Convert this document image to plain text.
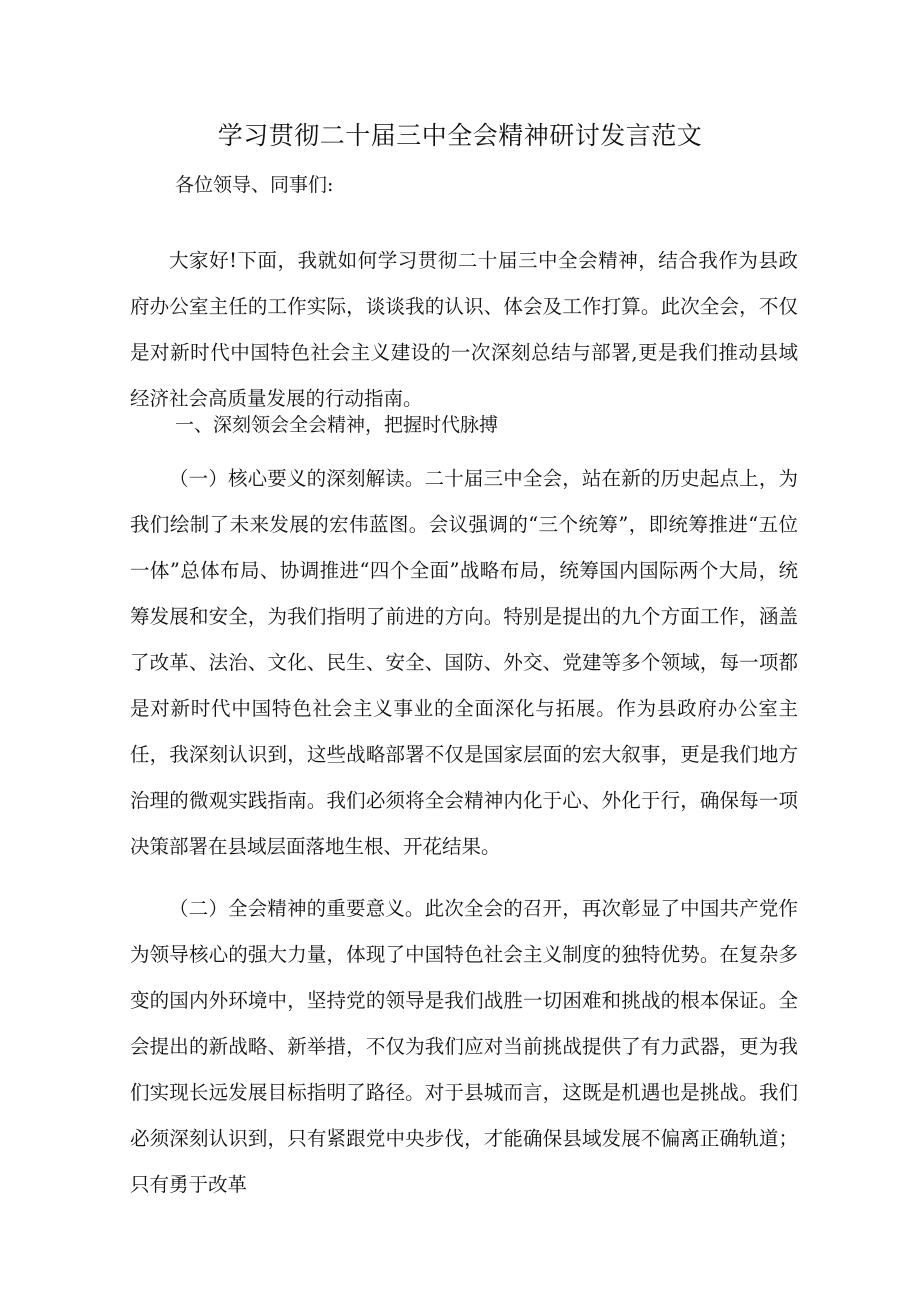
学习贯彻二十届三中全会精神研讨发言范文
各位领导、同事们:

大家好!下面，我就如何学习贯彻二十届三中全会精神，结合我作为县政府办公室主任的工作实际，谈谈我的认识、体会及工作打算。此次全会，不仅是对新时代中国特色社会主义建设的一次深刻总结与部署,更是我们推动县域经济社会高质量发展的行动指南。

一、深刻领会全会精神，把握时代脉搏

（一）核心要义的深刻解读。二十届三中全会，站在新的历史起点上，为我们绘制了未来发展的宏伟蓝图。会议强调的“三个统筹”，即统筹推进“五位一体”总体布局、协调推进“四个全面”战略布局，统筹国内国际两个大局，统筹发展和安全，为我们指明了前进的方向。特别是提出的九个方面工作，涵盖了改革、法治、文化、民生、安全、国防、外交、党建等多个领域，每一项都是对新时代中国特色社会主义事业的全面深化与拓展。作为县政府办公室主任，我深刻认识到，这些战略部署不仅是国家层面的宏大叙事，更是我们地方治理的微观实践指南。我们必须将全会精神内化于心、外化于行，确保每一项决策部署在县域层面落地生根、开花结果。

（二）全会精神的重要意义。此次全会的召开，再次彰显了中国共产党作为领导核心的强大力量，体现了中国特色社会主义制度的独特优势。在复杂多变的国内外环境中，坚持党的领导是我们战胜一切困难和挑战的根本保证。全会提出的新战略、新举措，不仅为我们应对当前挑战提供了有力武器，更为我们实现长远发展目标指明了路径。对于县城而言，这既是机遇也是挑战。我们必须深刻认识到，只有紧跟党中央步伐，才能确保县域发展不偏离正确轨道；只有勇于改革
